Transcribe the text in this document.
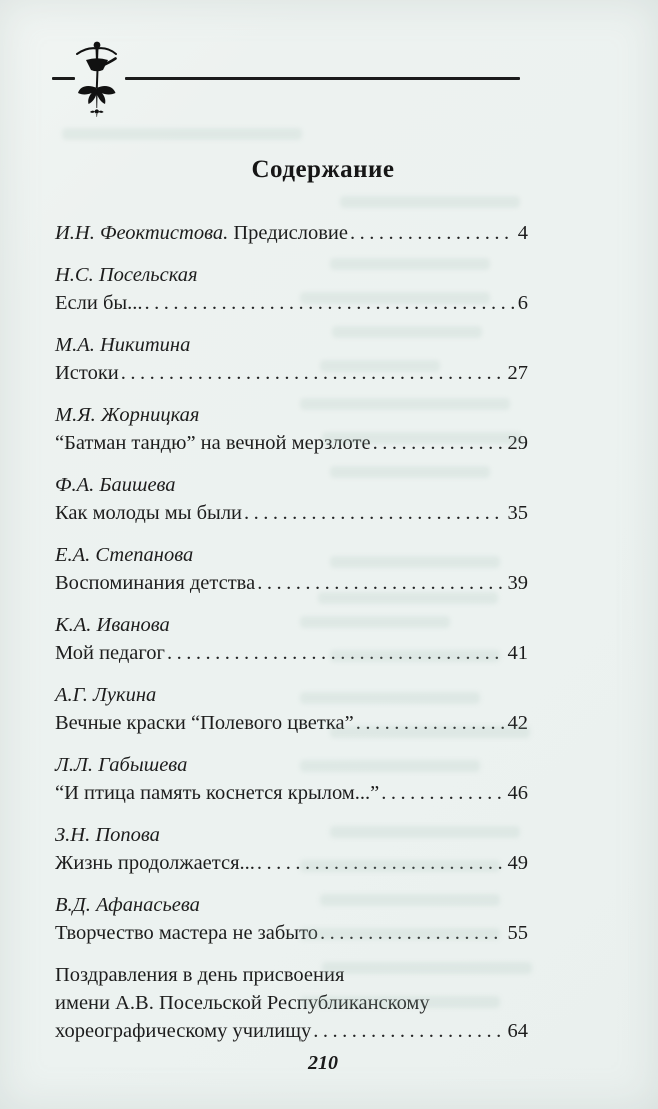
Содержание
И.Н. Феоктистова. Предисловие .....	4
Н.С. Посельская
Если бы... .....	6
М.А. Никитина
Истоки .....	27
М.Я. Жорницкая
“Батман тандю” на вечной мерзлоте .....	29
Ф.А. Баишева
Как молоды мы были .....	35
Е.А. Степанова
Воспоминания детства .....	39
К.А. Иванова
Мой педагог .....	41
А.Г. Лукина
Вечные краски “Полевого цветка” .....	42
Л.Л. Габышева
“И птица память коснется крылом...” .....	46
З.Н. Попова
Жизнь продолжается... .....	49
В.Д. Афанасьева
Творчество мастера не забыто .....	55
Поздравления в день присвоения
имени А.В. Посельской Республиканскому
хореографическому училищу .....	64
210
